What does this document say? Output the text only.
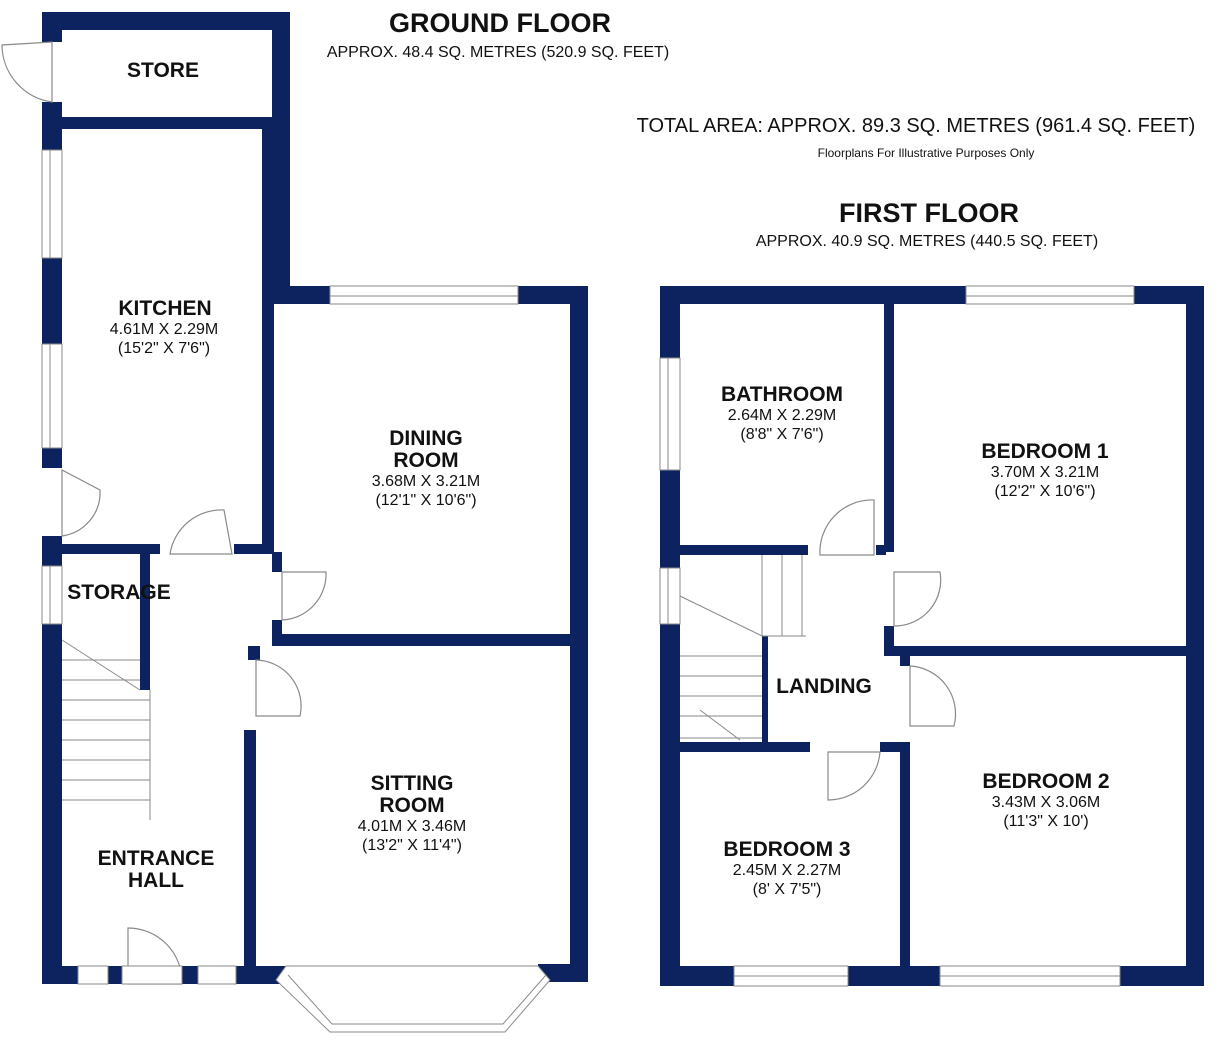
GROUND FLOOR
APPROX. 48.4 SQ. METRES (520.9 SQ. FEET)
TOTAL AREA: APPROX. 89.3 SQ. METRES (961.4 SQ. FEET)
Floorplans For Illustrative Purposes Only
FIRST FLOOR
APPROX. 40.9 SQ. METRES (440.5 SQ. FEET)
STORE
KITCHEN
4.61M X 2.29M
(15'2" X 7'6")
DINING
ROOM
3.68M X 3.21M
(12'1" X 10'6")
STORAGE
SITTING
ROOM
4.01M X 3.46M
(13'2" X 11'4")
ENTRANCE
HALL
BATHROOM
2.64M X 2.29M
(8'8" X 7'6")
BEDROOM 1
3.70M X 3.21M
(12'2" X 10'6")
LANDING
BEDROOM 2
3.43M X 3.06M
(11'3" X 10')
BEDROOM 3
2.45M X 2.27M
(8' X 7'5")
